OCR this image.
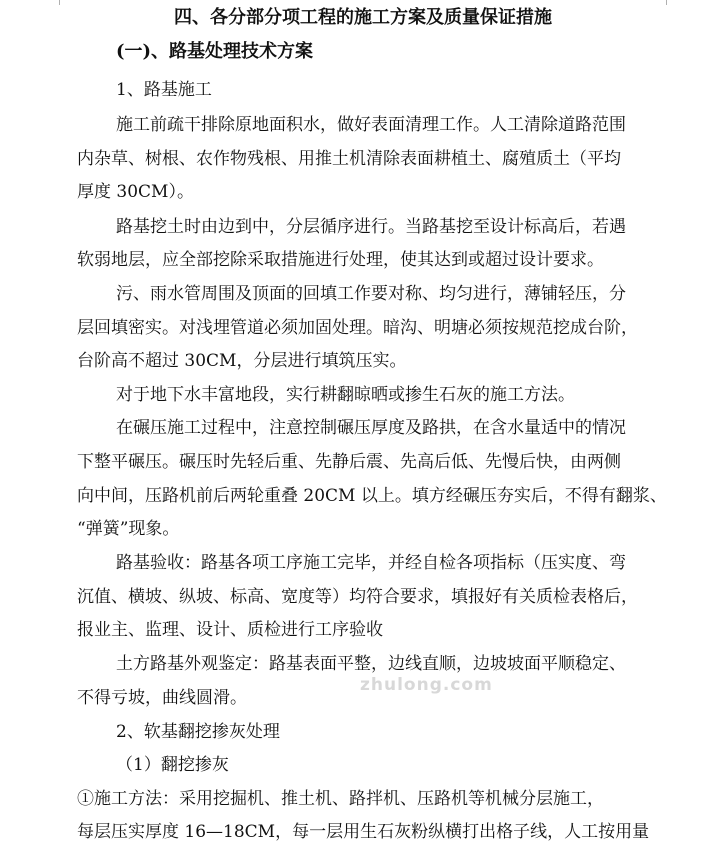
四、各分部分项工程的施工方案及质量保证措施
(一)、路基处理技术方案
1、路基施工
施工前疏干排除原地面积水，做好表面清理工作。人工清除道路范围
内杂草、树根、农作物残根、用推土机清除表面耕植土、腐殖质土（平均
厚度 30CM）。
路基挖土时由边到中，分层循序进行。当路基挖至设计标高后，若遇
软弱地层，应全部挖除采取措施进行处理，使其达到或超过设计要求。
污、雨水管周围及顶面的回填工作要对称、均匀进行，薄铺轻压，分
层回填密实。对浅埋管道必须加固处理。暗沟、明塘必须按规范挖成台阶，
台阶高不超过 30CM，分层进行填筑压实。
对于地下水丰富地段，实行耕翻晾晒或掺生石灰的施工方法。
在碾压施工过程中，注意控制碾压厚度及路拱，在含水量适中的情况
下整平碾压。碾压时先轻后重、先静后震、先高后低、先慢后快，由两侧
向中间，压路机前后两轮重叠 20CM 以上。填方经碾压夯实后，不得有翻浆、
“弹簧”现象。
路基验收：路基各项工序施工完毕，并经自检各项指标（压实度、弯
沉值、横坡、纵坡、标高、宽度等）均符合要求，填报好有关质检表格后，
报业主、监理、设计、质检进行工序验收
土方路基外观鉴定：路基表面平整，边线直顺，边坡坡面平顺稳定、
不得亏坡，曲线圆滑。
2、软基翻挖掺灰处理
（1）翻挖掺灰
①施工方法：采用挖掘机、推土机、路拌机、压路机等机械分层施工，
每层压实厚度 16—18CM，每一层用生石灰粉纵横打出格子线，人工按用量
zhulong.com
